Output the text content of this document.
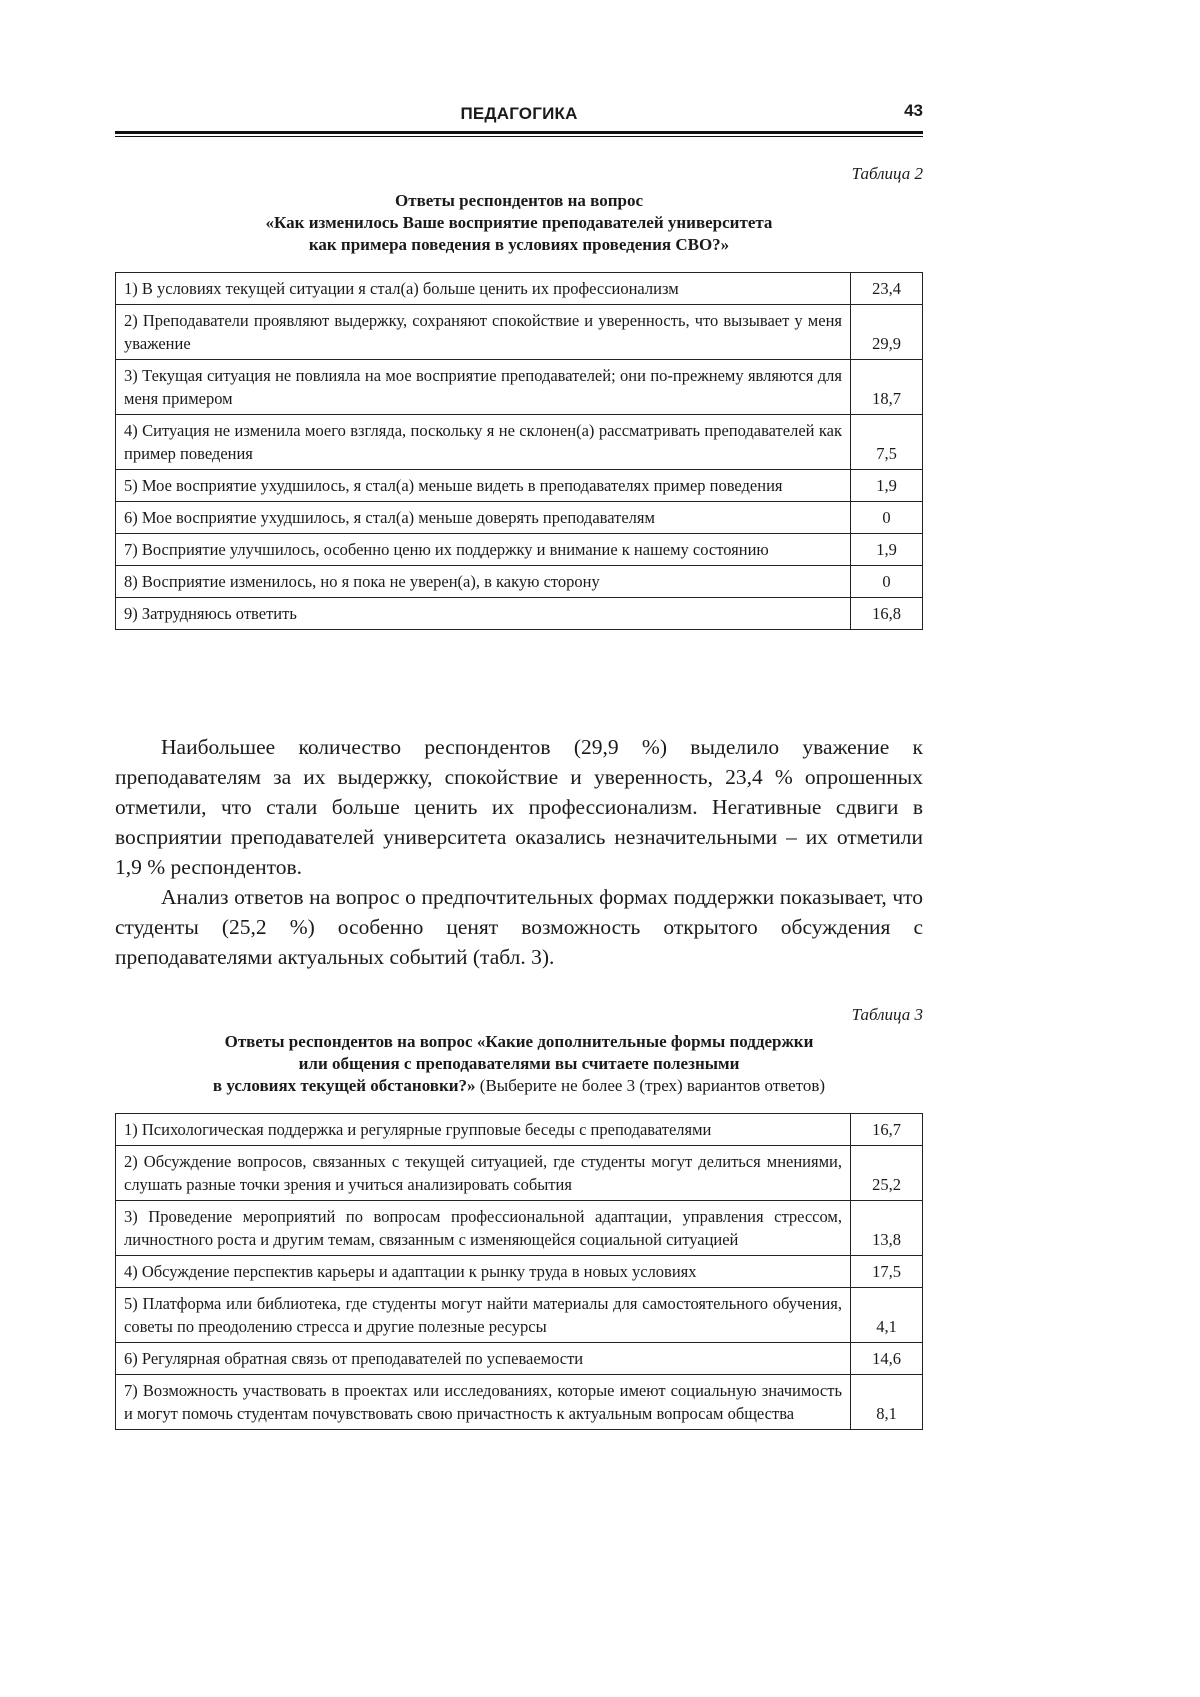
ПЕДАГОГИКА	43
Таблица 2
Ответы респондентов на вопрос
«Как изменилось Ваше восприятие преподавателей университета
как примера поведения в условиях проведения СВО?»
1) В условиях текущей ситуации я стал(а) больше ценить их профессионализм	23,4
2) Преподаватели проявляют выдержку, сохраняют спокойствие и уверенность, что вызывает у меня уважение	29,9
3) Текущая ситуация не повлияла на мое восприятие преподавателей; они по-прежнему являются для меня примером	18,7
4) Ситуация не изменила моего взгляда, поскольку я не склонен(а) рассматривать преподавателей как пример поведения	7,5
5) Мое восприятие ухудшилось, я стал(а) меньше видеть в преподавателях пример поведения	1,9
6) Мое восприятие ухудшилось, я стал(а) меньше доверять преподавателям	0
7) Восприятие улучшилось, особенно ценю их поддержку и внимание к нашему состоянию	1,9
8) Восприятие изменилось, но я пока не уверен(а), в какую сторону	0
9) Затрудняюсь ответить	16,8

Наибольшее количество респондентов (29,9 %) выделило уважение к преподавателям за их выдержку, спокойствие и уверенность, 23,4 % опрошенных отметили, что стали больше ценить их профессионализм. Негативные сдвиги в восприятии преподавателей университета оказались незначительными – их отметили 1,9 % респондентов.

Анализ ответов на вопрос о предпочтительных формах поддержки показывает, что студенты (25,2 %) особенно ценят возможность открытого обсуждения с преподавателями актуальных событий (табл. 3).

Таблица 3
Ответы респондентов на вопрос «Какие дополнительные формы поддержки
или общения с преподавателями вы считаете полезными
в условиях текущей обстановки?» (Выберите не более 3 (трех) вариантов ответов)
1) Психологическая поддержка и регулярные групповые беседы с преподавателями	16,7
2) Обсуждение вопросов, связанных с текущей ситуацией, где студенты могут делиться мнениями, слушать разные точки зрения и учиться анализировать события	25,2
3) Проведение мероприятий по вопросам профессиональной адаптации, управления стрессом, личностного роста и другим темам, связанным с изменяющейся социальной ситуацией	13,8
4) Обсуждение перспектив карьеры и адаптации к рынку труда в новых условиях	17,5
5) Платформа или библиотека, где студенты могут найти материалы для самостоятельного обучения, советы по преодолению стресса и другие полезные ресурсы	4,1
6) Регулярная обратная связь от преподавателей по успеваемости	14,6
7) Возможность участвовать в проектах или исследованиях, которые имеют социальную значимость и могут помочь студентам почувствовать свою причастность к актуальным вопросам общества	8,1
